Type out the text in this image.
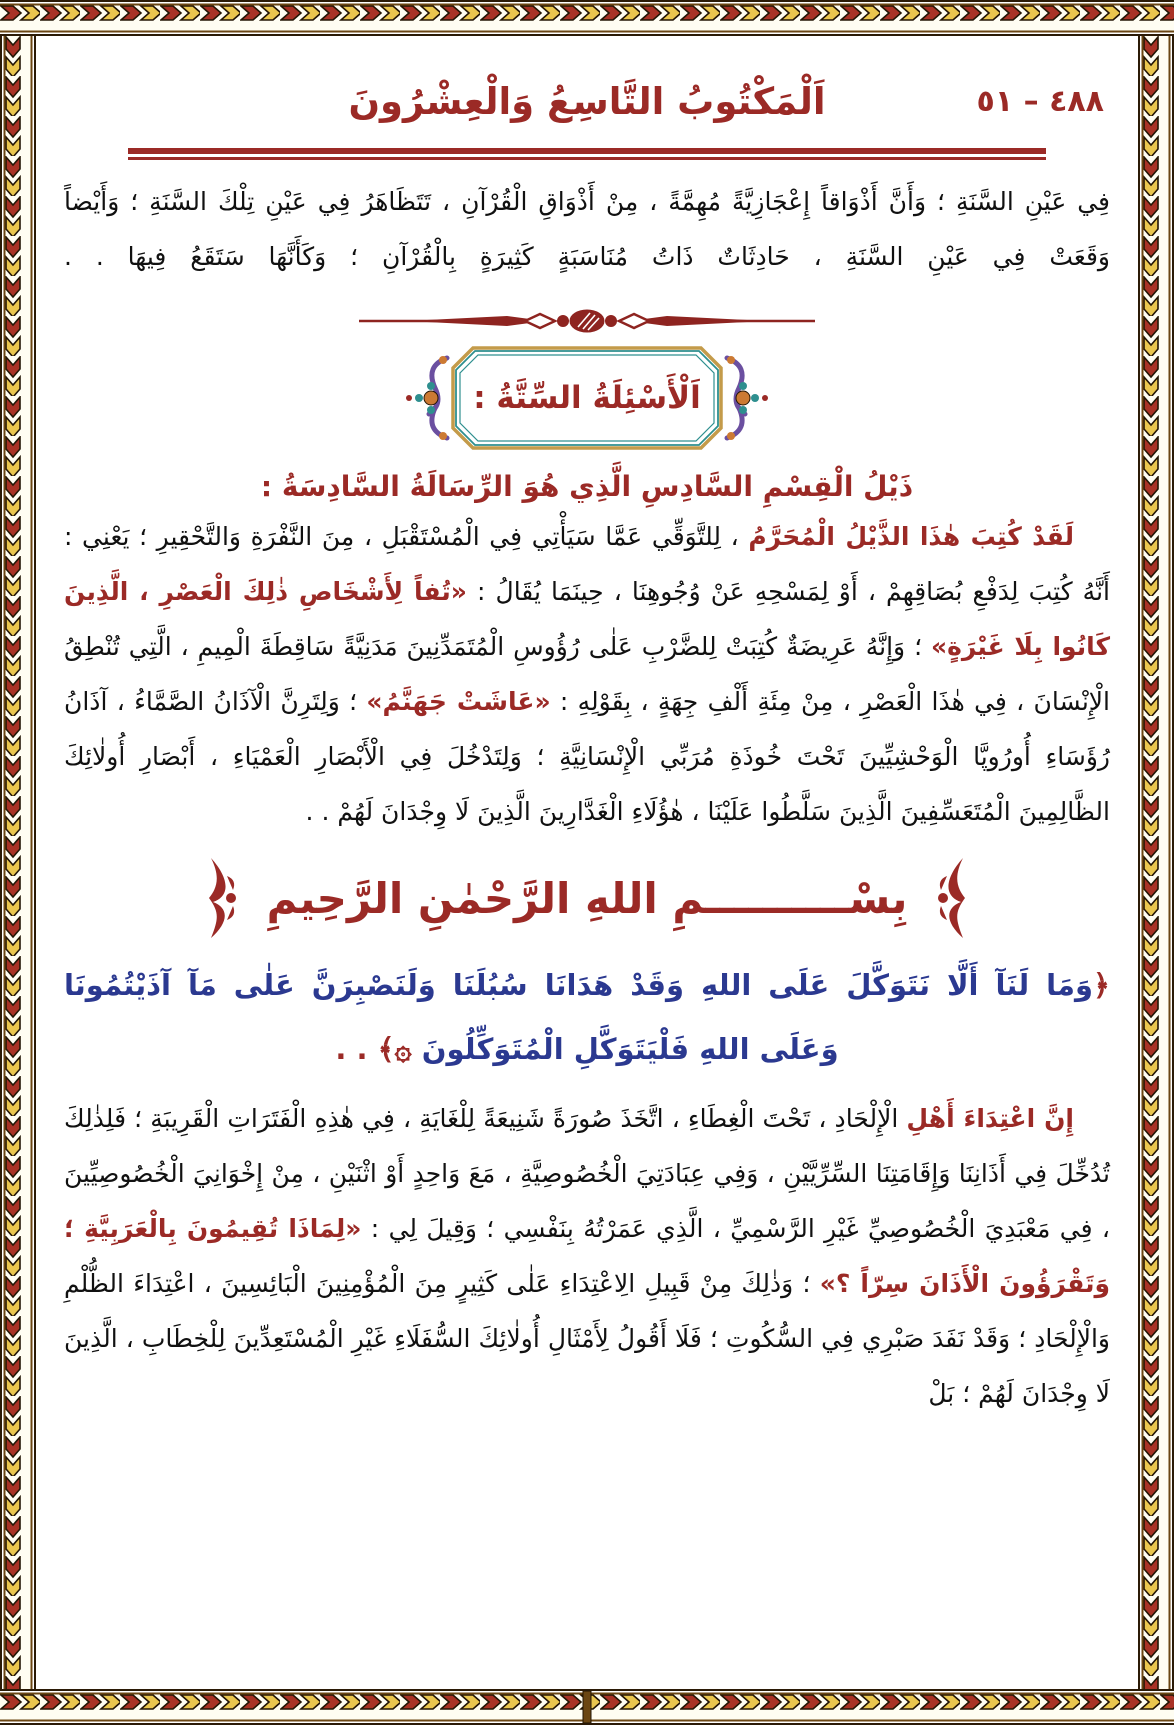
٤٨٨ – ٥١
اَلْمَكْتُوبُ التَّاسِعُ وَالْعِشْرُونَ

فِي عَيْنِ السَّنَةِ ؛ وَأَنَّ أَذْوَاقاً إِعْجَازِيَّةً مُهِمَّةً ، مِنْ أَذْوَاقِ الْقُرْآنِ ، تَتَظَاهَرُ فِي عَيْنِ تِلْكَ السَّنَةِ ؛ وَأَيْضاً وَقَعَتْ فِي عَيْنِ السَّنَةِ ، حَادِثَاتٌ ذَاتُ مُنَاسَبَةٍ كَثِيرَةٍ بِالْقُرْآنِ ؛ وَكَأَنَّهَا سَتَقَعُ فِيهَا . .

اَلْأَسْئِلَةُ السِّتَّةُ :
ذَيْلُ الْقِسْمِ السَّادِسِ الَّذِي هُوَ الرِّسَالَةُ السَّادِسَةُ :

لَقَدْ كُتِبَ هٰذَا الذَّيْلُ الْمُحَرَّمُ ، لِلتَّوَقِّي عَمَّا سَيَأْتِي فِي الْمُسْتَقْبَلِ ، مِنَ النَّفْرَةِ وَالتَّحْقِيرِ ؛ يَعْنِي : أَنَّهُ كُتِبَ لِدَفْعِ بُصَاقِهِمْ ، أَوْ لِمَسْحِهِ عَنْ وُجُوهِنَا ، حِينَمَا يُقَالُ : «تُفاً لِأَشْخَاصِ ذٰلِكَ الْعَصْرِ ، الَّذِينَ كَانُوا بِلَا غَيْرَةٍ» ؛ وَإِنَّهُ عَرِيضَةٌ كُتِبَتْ لِلضَّرْبِ عَلٰى رُؤُوسِ الْمُتَمَدِّنِينَ مَدَنِيَّةً سَاقِطَةَ الْمِيمِ ، الَّتِي تُنْطِقُ الْإِنْسَانَ ، فِي هٰذَا الْعَصْرِ ، مِنْ مِئَةِ أَلْفِ جِهَةٍ ، بِقَوْلِهِ : «عَاشَتْ جَهَنَّمُ» ؛ وَلِتَرِنَّ الْآذَانُ الصَّمَّاءُ ، آذَانُ رُؤَسَاءِ أُورُوپَّا الْوَحْشِيِّينَ تَحْتَ خُوذَةِ مُرَبِّي الْإِنْسَانِيَّةِ ؛ وَلِتَدْخُلَ فِي الْأَبْصَارِ الْعَمْيَاءِ ، أَبْصَارِ أُولٰائِكَ الظَّالِمِينَ الْمُتَعَسِّفِينَ الَّذِينَ سَلَّطُوا عَلَيْنَا ، هٰؤُلَاءِ الْغَدَّارِينَ الَّذِينَ لَا وِجْدَانَ لَهُمْ . .

بِسْــــــــــمِ اللهِ الرَّحْمٰنِ الرَّحِيمِ

﴿وَمَا لَنَآ أَلَّا نَتَوَكَّلَ عَلَى اللهِ وَقَدْ هَدَانَا سُبُلَنَا وَلَنَصْبِرَنَّ عَلٰى مَآ آذَيْتُمُونَا وَعَلَى اللهِ فَلْيَتَوَكَّلِ الْمُتَوَكِّلُونَ ۞﴾ . .

إِنَّ اعْتِدَاءَ أَهْلِ الْإِلْحَادِ ، تَحْتَ الْغِطَاءِ ، اتَّخَذَ صُورَةً شَنِيعَةً لِلْغَايَةِ ، فِي هٰذِهِ الْفَتَرَاتِ الْقَرِيبَةِ ؛ فَلِذٰلِكَ تُدُخِّلَ فِي أَذَانِنَا وَإِقَامَتِنَا السِّرِّيَّيْنِ ، وَفِي عِبَادَتِيَ الْخُصُوصِيَّةِ ، مَعَ وَاحِدٍ أَوْ اثْنَيْنِ ، مِنْ إِخْوَانِيَ الْخُصُوصِيِّينَ ، فِي مَعْبَدِيَ الْخُصُوصِيِّ غَيْرِ الرَّسْمِيِّ ، الَّذِي عَمَرْتُهُ بِنَفْسِي ؛ وَقِيلَ لِي : «لِمَاذَا تُقِيمُونَ بِالْعَرَبِيَّةِ ؛ وَتَقْرَؤُونَ الْأَذَانَ سِرّاً ؟» ؛ وَذٰلِكَ مِنْ قَبِيلِ الِاعْتِدَاءِ عَلٰى كَثِيرٍ مِنَ الْمُؤْمِنِينَ الْبَائِسِينَ ، اعْتِدَاءَ الظُّلْمِ وَالْإِلْحَادِ ؛ وَقَدْ نَفَدَ صَبْرِي فِي السُّكُوتِ ؛ فَلَا أَقُولُ لِأَمْثَالِ أُولٰائِكَ السُّفَلَاءِ غَيْرِ الْمُسْتَعِدِّينَ لِلْخِطَابِ ، الَّذِينَ لَا وِجْدَانَ لَهُمْ ؛ بَلْ
